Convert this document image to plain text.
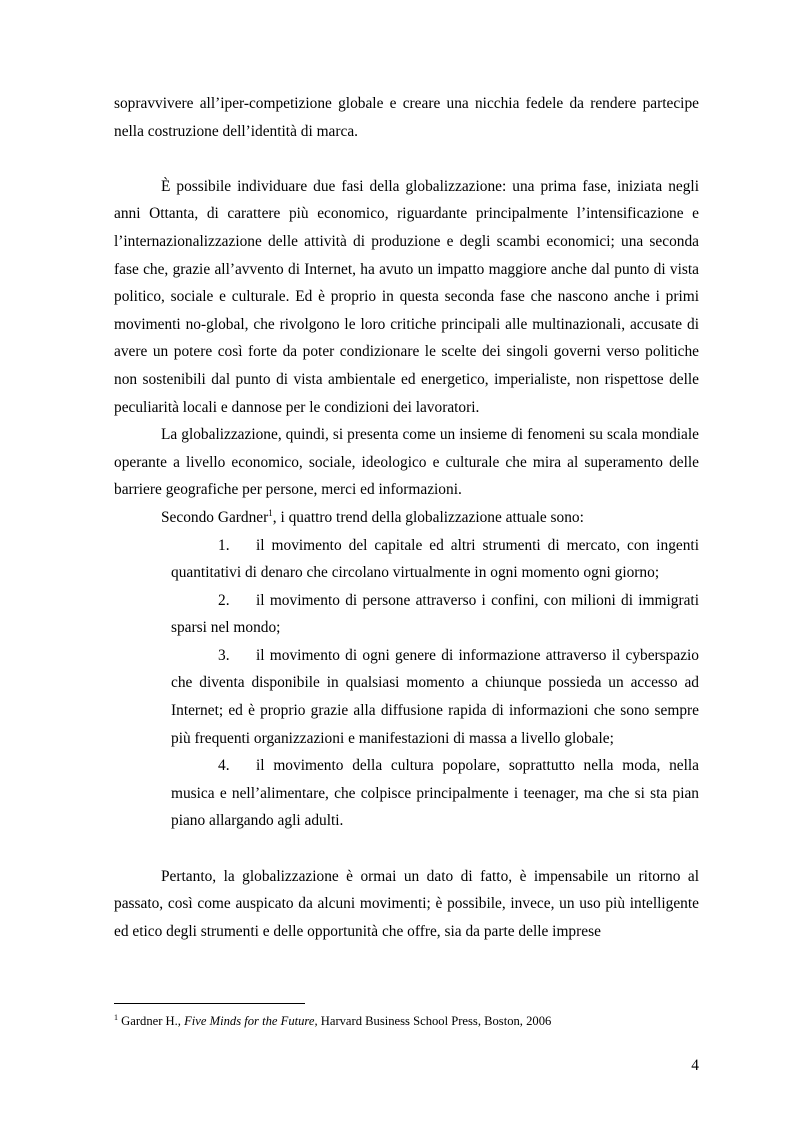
sopravvivere all’iper-competizione globale e creare una nicchia fedele da rendere partecipe nella costruzione dell’identità di marca.

È possibile individuare due fasi della globalizzazione: una prima fase, iniziata negli anni Ottanta, di carattere più economico, riguardante principalmente l’intensificazione e l’internazionalizzazione delle attività di produzione e degli scambi economici; una seconda fase che, grazie all’avvento di Internet, ha avuto un impatto maggiore anche dal punto di vista politico, sociale e culturale. Ed è proprio in questa seconda fase che nascono anche i primi movimenti no-global, che rivolgono le loro critiche principali alle multinazionali, accusate di avere un potere così forte da poter condizionare le scelte dei singoli governi verso politiche non sostenibili dal punto di vista ambientale ed energetico, imperialiste, non rispettose delle peculiarità locali e dannose per le condizioni dei lavoratori.

La globalizzazione, quindi, si presenta come un insieme di fenomeni su scala mondiale operante a livello economico, sociale, ideologico e culturale che mira al superamento delle barriere geografiche per persone, merci ed informazioni.

Secondo Gardner$^1$, i quattro trend della globalizzazione attuale sono:

1. il movimento del capitale ed altri strumenti di mercato, con ingenti quantitativi di denaro che circolano virtualmente in ogni momento ogni giorno;
2. il movimento di persone attraverso i confini, con milioni di immigrati sparsi nel mondo;
3. il movimento di ogni genere di informazione attraverso il cyberspazio che diventa disponibile in qualsiasi momento a chiunque possieda un accesso ad Internet; ed è proprio grazie alla diffusione rapida di informazioni che sono sempre più frequenti organizzazioni e manifestazioni di massa a livello globale;
4. il movimento della cultura popolare, soprattutto nella moda, nella musica e nell’alimentare, che colpisce principalmente i teenager, ma che si sta pian piano allargando agli adulti.

Pertanto, la globalizzazione è ormai un dato di fatto, è impensabile un ritorno al passato, così come auspicato da alcuni movimenti; è possibile, invece, un uso più intelligente ed etico degli strumenti e delle opportunità che offre, sia da parte delle imprese

$^1$ Gardner H., Five Minds for the Future, Harvard Business School Press, Boston, 2006
4
